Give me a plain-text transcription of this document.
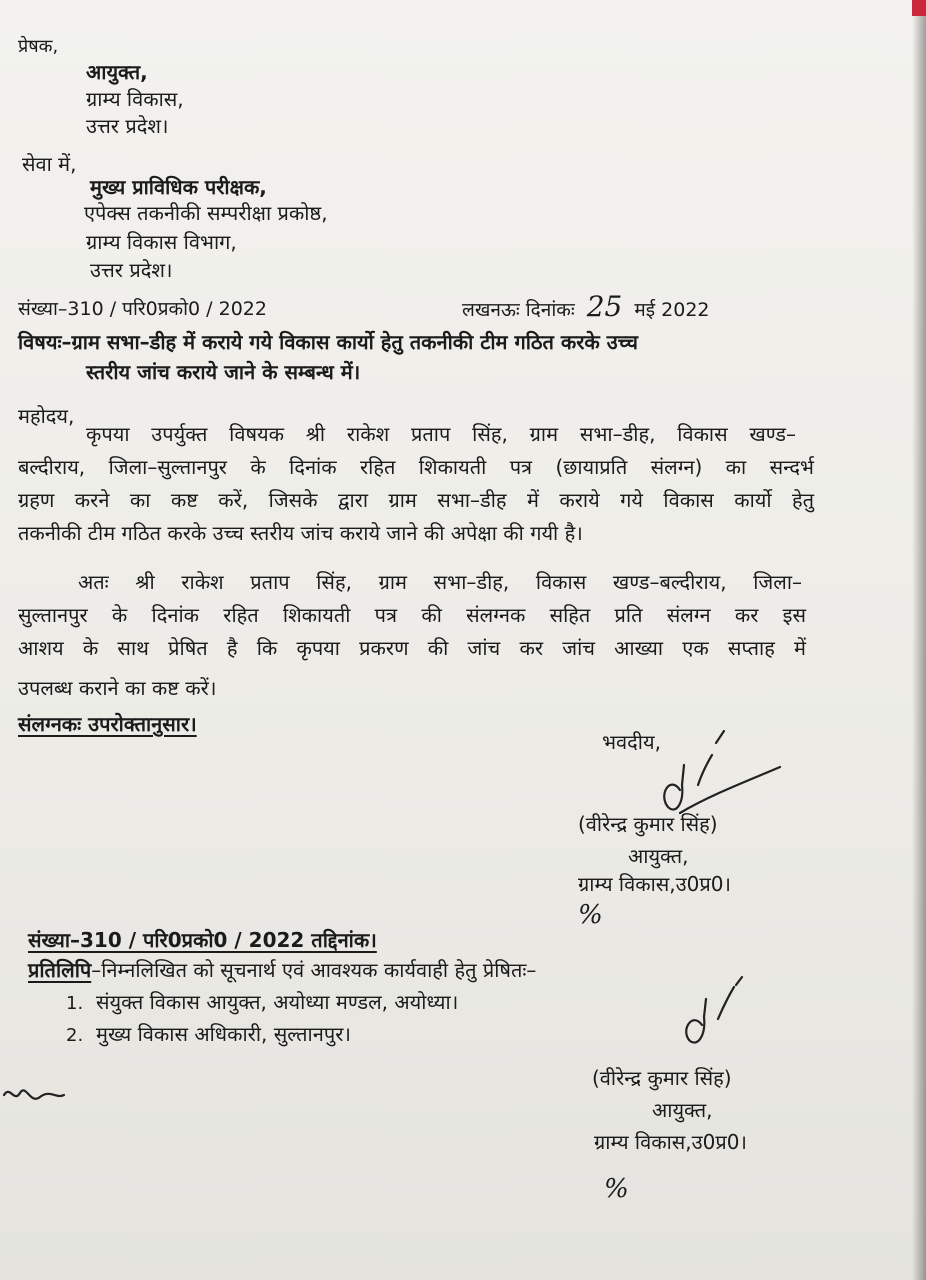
प्रेषक,
आयुक्त,
ग्राम्य विकास,
उत्तर प्रदेश।
सेवा में,
मुख्य प्राविधिक परीक्षक,
एपेक्स तकनीकी सम्परीक्षा प्रकोष्ठ,
ग्राम्य विकास विभाग,
उत्तर प्रदेश।
संख्या–310 / परि0प्रको0 / 2022	लखनऊः दिनांकः 25 मई 2022
विषयः–ग्राम सभा–डीह में कराये गये विकास कार्यो हेतु तकनीकी टीम गठित करके उच्च
स्तरीय जांच कराये जाने के सम्बन्ध में।
महोदय,
कृपया उपर्युक्त विषयक श्री राकेश प्रताप सिंह, ग्राम सभा–डीह, विकास खण्ड–
बल्दीराय, जिला–सुल्तानपुर के दिनांक रहित शिकायती पत्र (छायाप्रति संलग्न) का सन्दर्भ
ग्रहण करने का कष्ट करें, जिसके द्वारा ग्राम सभा–डीह में कराये गये विकास कार्यो हेतु
तकनीकी टीम गठित करके उच्च स्तरीय जांच कराये जाने की अपेक्षा की गयी है।
अतः श्री राकेश प्रताप सिंह, ग्राम सभा–डीह, विकास खण्ड–बल्दीराय, जिला–
सुल्तानपुर के दिनांक रहित शिकायती पत्र की संलग्नक सहित प्रति संलग्न कर इस
आशय के साथ प्रेषित है कि कृपया प्रकरण की जांच कर जांच आख्या एक सप्ताह में
उपलब्ध कराने का कष्ट करें।
संलग्नकः उपरोक्तानुसार।
भवदीय,
(वीरेन्द्र कुमार सिंह)
आयुक्त,
ग्राम्य विकास,उ0प्र0।
%
संख्या–310 / परि0प्रको0 / 2022 तद्दिनांक।
प्रतिलिपि–निम्नलिखित को सूचनार्थ एवं आवश्यक कार्यवाही हेतु प्रेषितः–
1. संयुक्त विकास आयुक्त, अयोध्या मण्डल, अयोध्या।
2. मुख्य विकास अधिकारी, सुल्तानपुर।
(वीरेन्द्र कुमार सिंह)
आयुक्त,
ग्राम्य विकास,उ0प्र0।
%
